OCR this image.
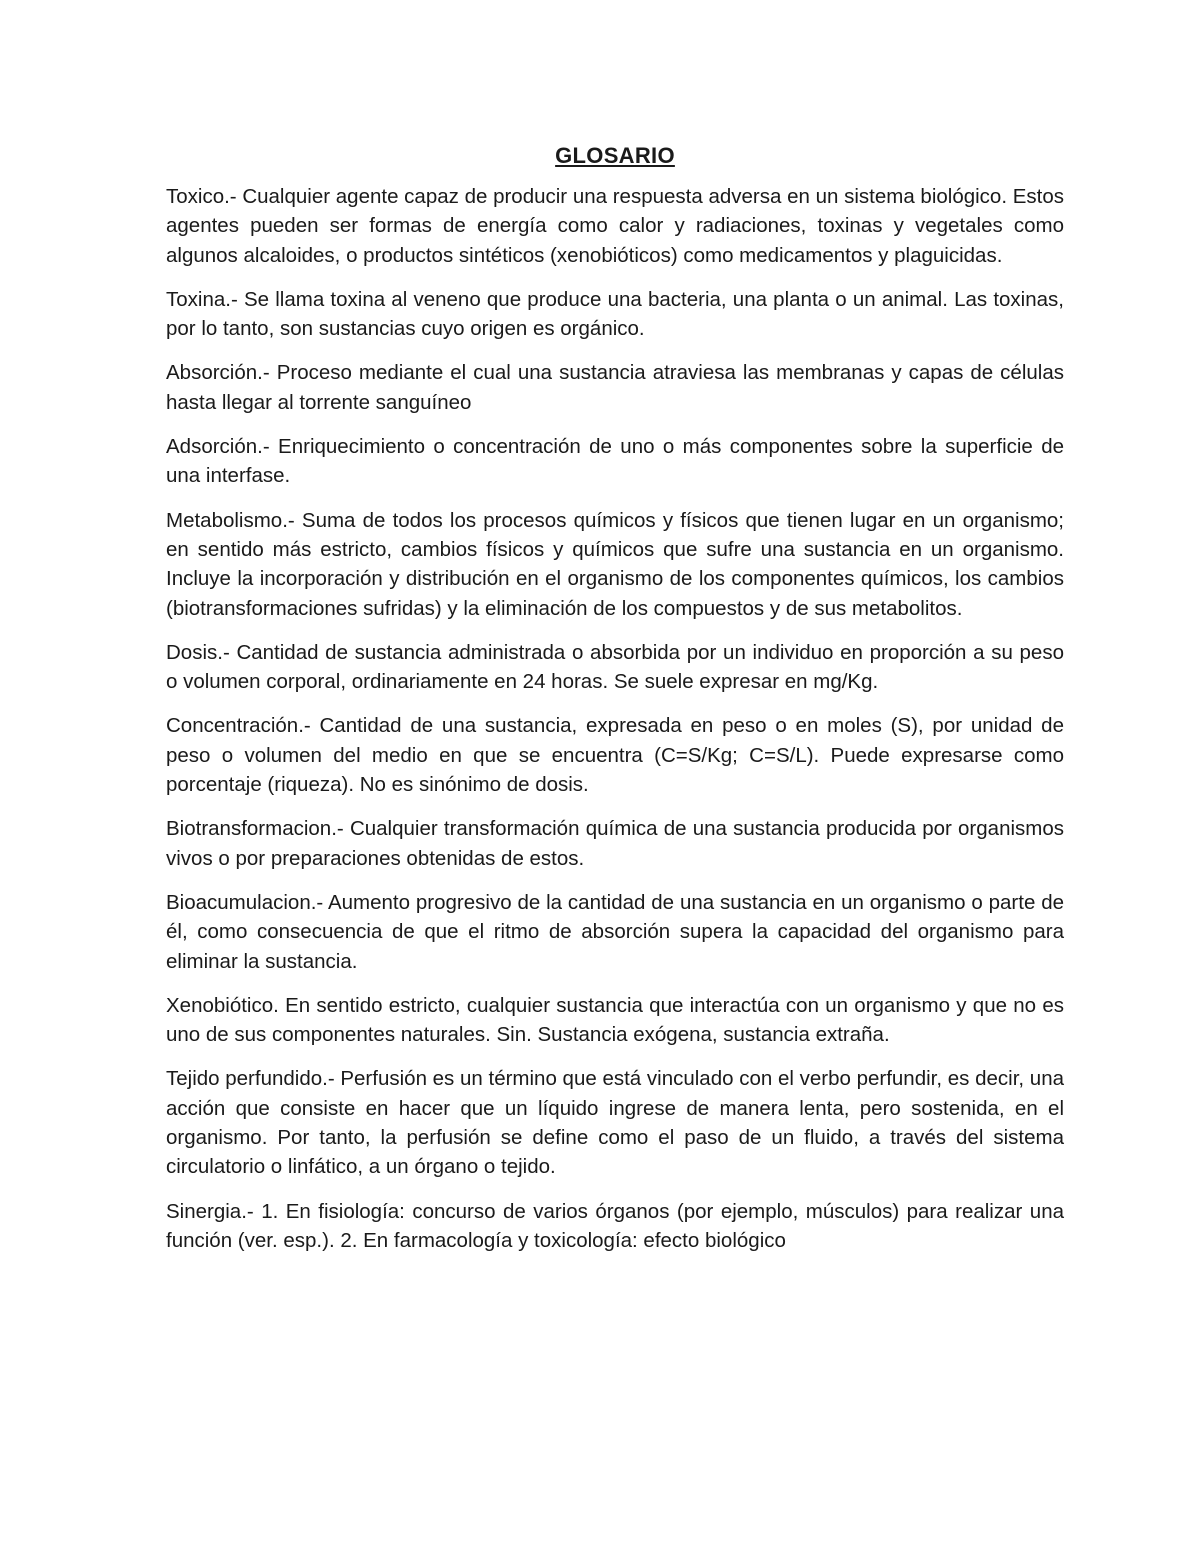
GLOSARIO

Toxico.- Cualquier agente capaz de producir una respuesta adversa en un sistema biológico. Estos agentes pueden ser formas de energía como calor y radiaciones, toxinas y vegetales como algunos alcaloides, o productos sintéticos (xenobióticos) como medicamentos y plaguicidas.

Toxina.- Se llama toxina al veneno que produce una bacteria, una planta o un animal. Las toxinas, por lo tanto, son sustancias cuyo origen es orgánico.

Absorción.- Proceso mediante el cual una sustancia atraviesa las membranas y capas de células hasta llegar al torrente sanguíneo

Adsorción.- Enriquecimiento o concentración de uno o más componentes sobre la superficie de una interfase.

Metabolismo.- Suma de todos los procesos químicos y físicos que tienen lugar en un organismo; en sentido más estricto, cambios físicos y químicos que sufre una sustancia en un organismo. Incluye la incorporación y distribución en el organismo de los componentes químicos, los cambios (biotransformaciones sufridas) y la eliminación de los compuestos y de sus metabolitos.

Dosis.- Cantidad de sustancia administrada o absorbida por un individuo en proporción a su peso o volumen corporal, ordinariamente en 24 horas. Se suele expresar en mg/Kg.

Concentración.- Cantidad de una sustancia, expresada en peso o en moles (S), por unidad de peso o volumen del medio en que se encuentra (C=S/Kg; C=S/L). Puede expresarse como porcentaje (riqueza). No es sinónimo de dosis.

Biotransformacion.- Cualquier transformación química de una sustancia producida por organismos vivos o por preparaciones obtenidas de estos.

Bioacumulacion.- Aumento progresivo de la cantidad de una sustancia en un organismo o parte de él, como consecuencia de que el ritmo de absorción supera la capacidad del organismo para eliminar la sustancia.

Xenobiótico. En sentido estricto, cualquier sustancia que interactúa con un organismo y que no es uno de sus componentes naturales. Sin. Sustancia exógena, sustancia extraña.

Tejido perfundido.- Perfusión es un término que está vinculado con el verbo perfundir, es decir, una acción que consiste en hacer que un líquido ingrese de manera lenta, pero sostenida, en el organismo. Por tanto, la perfusión se define como el paso de un fluido, a través del sistema circulatorio o linfático, a un órgano o tejido.

Sinergia.- 1. En fisiología: concurso de varios órganos (por ejemplo, músculos) para realizar una función (ver. esp.). 2. En farmacología y toxicología: efecto biológico
